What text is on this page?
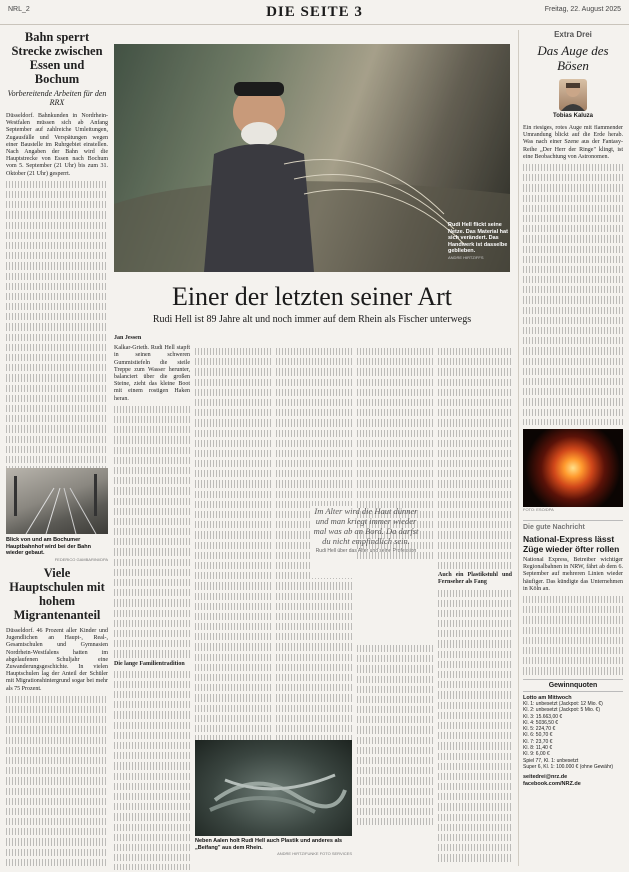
NRL_2	DIE SEITE 3	Freitag, 22. August 2025
Bahn sperrt Strecke zwischen Essen und Bochum
Vorbereitende Arbeiten für den RRX
Düsseldorf. Bahnkunden in Nordrhein-Westfalen müssen sich ab Anfang September auf zahlreiche Umleitungen, Zugausfälle und Verspätungen wegen einer Baustelle im Ruhrgebiet einstellen. Nach Angaben der Bahn wird die Hauptstrecke von Essen nach Bochum vom 5. September (21 Uhr) bis zum 31. Oktober (21 Uhr) gesperrt.
Blick von und am Bochumer Hauptbahnhof wird bei der Bahn wieder gebaut.
FEDERICO GAMBARINI/DPA
Viele Hauptschulen mit hohem Migrantenanteil
Düsseldorf. 46 Prozent aller Kinder und Jugendlichen an Haupt-, Real-, Gesamtschulen und Gymnasien Nordrhein-Westfalens hatten im abgelaufenen Schuljahr eine Zuwanderungsgeschichte. In vielen Hauptschulen lag der Anteil der Schüler mit Migrationshintergrund sogar bei mehr als 75 Prozent.
Rudi Hell flickt seine Netze. Das Material hat sich verändert. Das Handwerk ist dasselbe geblieben.
ANDRE HIRTZ/FFS
Einer der letzten seiner Art
Rudi Hell ist 89 Jahre alt und noch immer auf dem Rhein als Fischer unterwegs
Jan Jessen
Kalkar-Grieth. Rudi Hell stapft in seinen schweren Gummistiefeln die steile Treppe zum Wasser herunter, balanciert über die großen Steine, zieht das kleine Boot mit einem rostigen Haken heran.
Die lange Familientradition
Im Alter wird die Haut dünner und man kriegt immer wieder mal was ab an Bord. Da darfst du nicht empfindlich sein.
Rudi Hell über das Alter und seine Profession
Auch ein Plastikstuhl und Fernseher als Fang
Neben Aalen holt Rudi Hell auch Plastik und anderes als „Beifang" aus dem Rhein.
ANDRE HIRTZ/FUNKE FOTO SERVICES
Extra Drei
Das Auge des Bösen
Tobias Kaluza
Ein riesiges, rotes Auge mit flammender Umrandung blickt auf die Erde herab. Was nach einer Szene aus der Fantasy-Reihe „Der Herr der Ringe" klingt, ist eine Beobachtung von Astronomen.
FOTO: ESO/DPA
Die gute Nachricht
National-Express lässt Züge wieder öfter rollen
National Express, Betreiber wichtiger Regionalbahnen in NRW, fährt ab dem 6. September auf mehreren Linien wieder häufiger. Das kündigte das Unternehmen in Köln an.
Gewinnquoten
Lotto am Mittwoch
Kl. 1: unbesetzt (Jackpot: 12 Mio. €)
Kl. 2: unbesetzt (Jackpot: 5 Mio. €)
Kl. 3: 15.663,00 €
Kl. 4: 5036,50 €
Kl. 5: 224,70 €
Kl. 6: 50,70 €
Kl. 7: 23,70 €
Kl. 8: 11,40 €
Kl. 9: 6,00 €
Spiel 77, Kl. 1: unbesetzt
Super 6, Kl. 1: 100.000 € (ohne Gewähr)
seitedrei@nrz.de facebook.com/NRZ.de
